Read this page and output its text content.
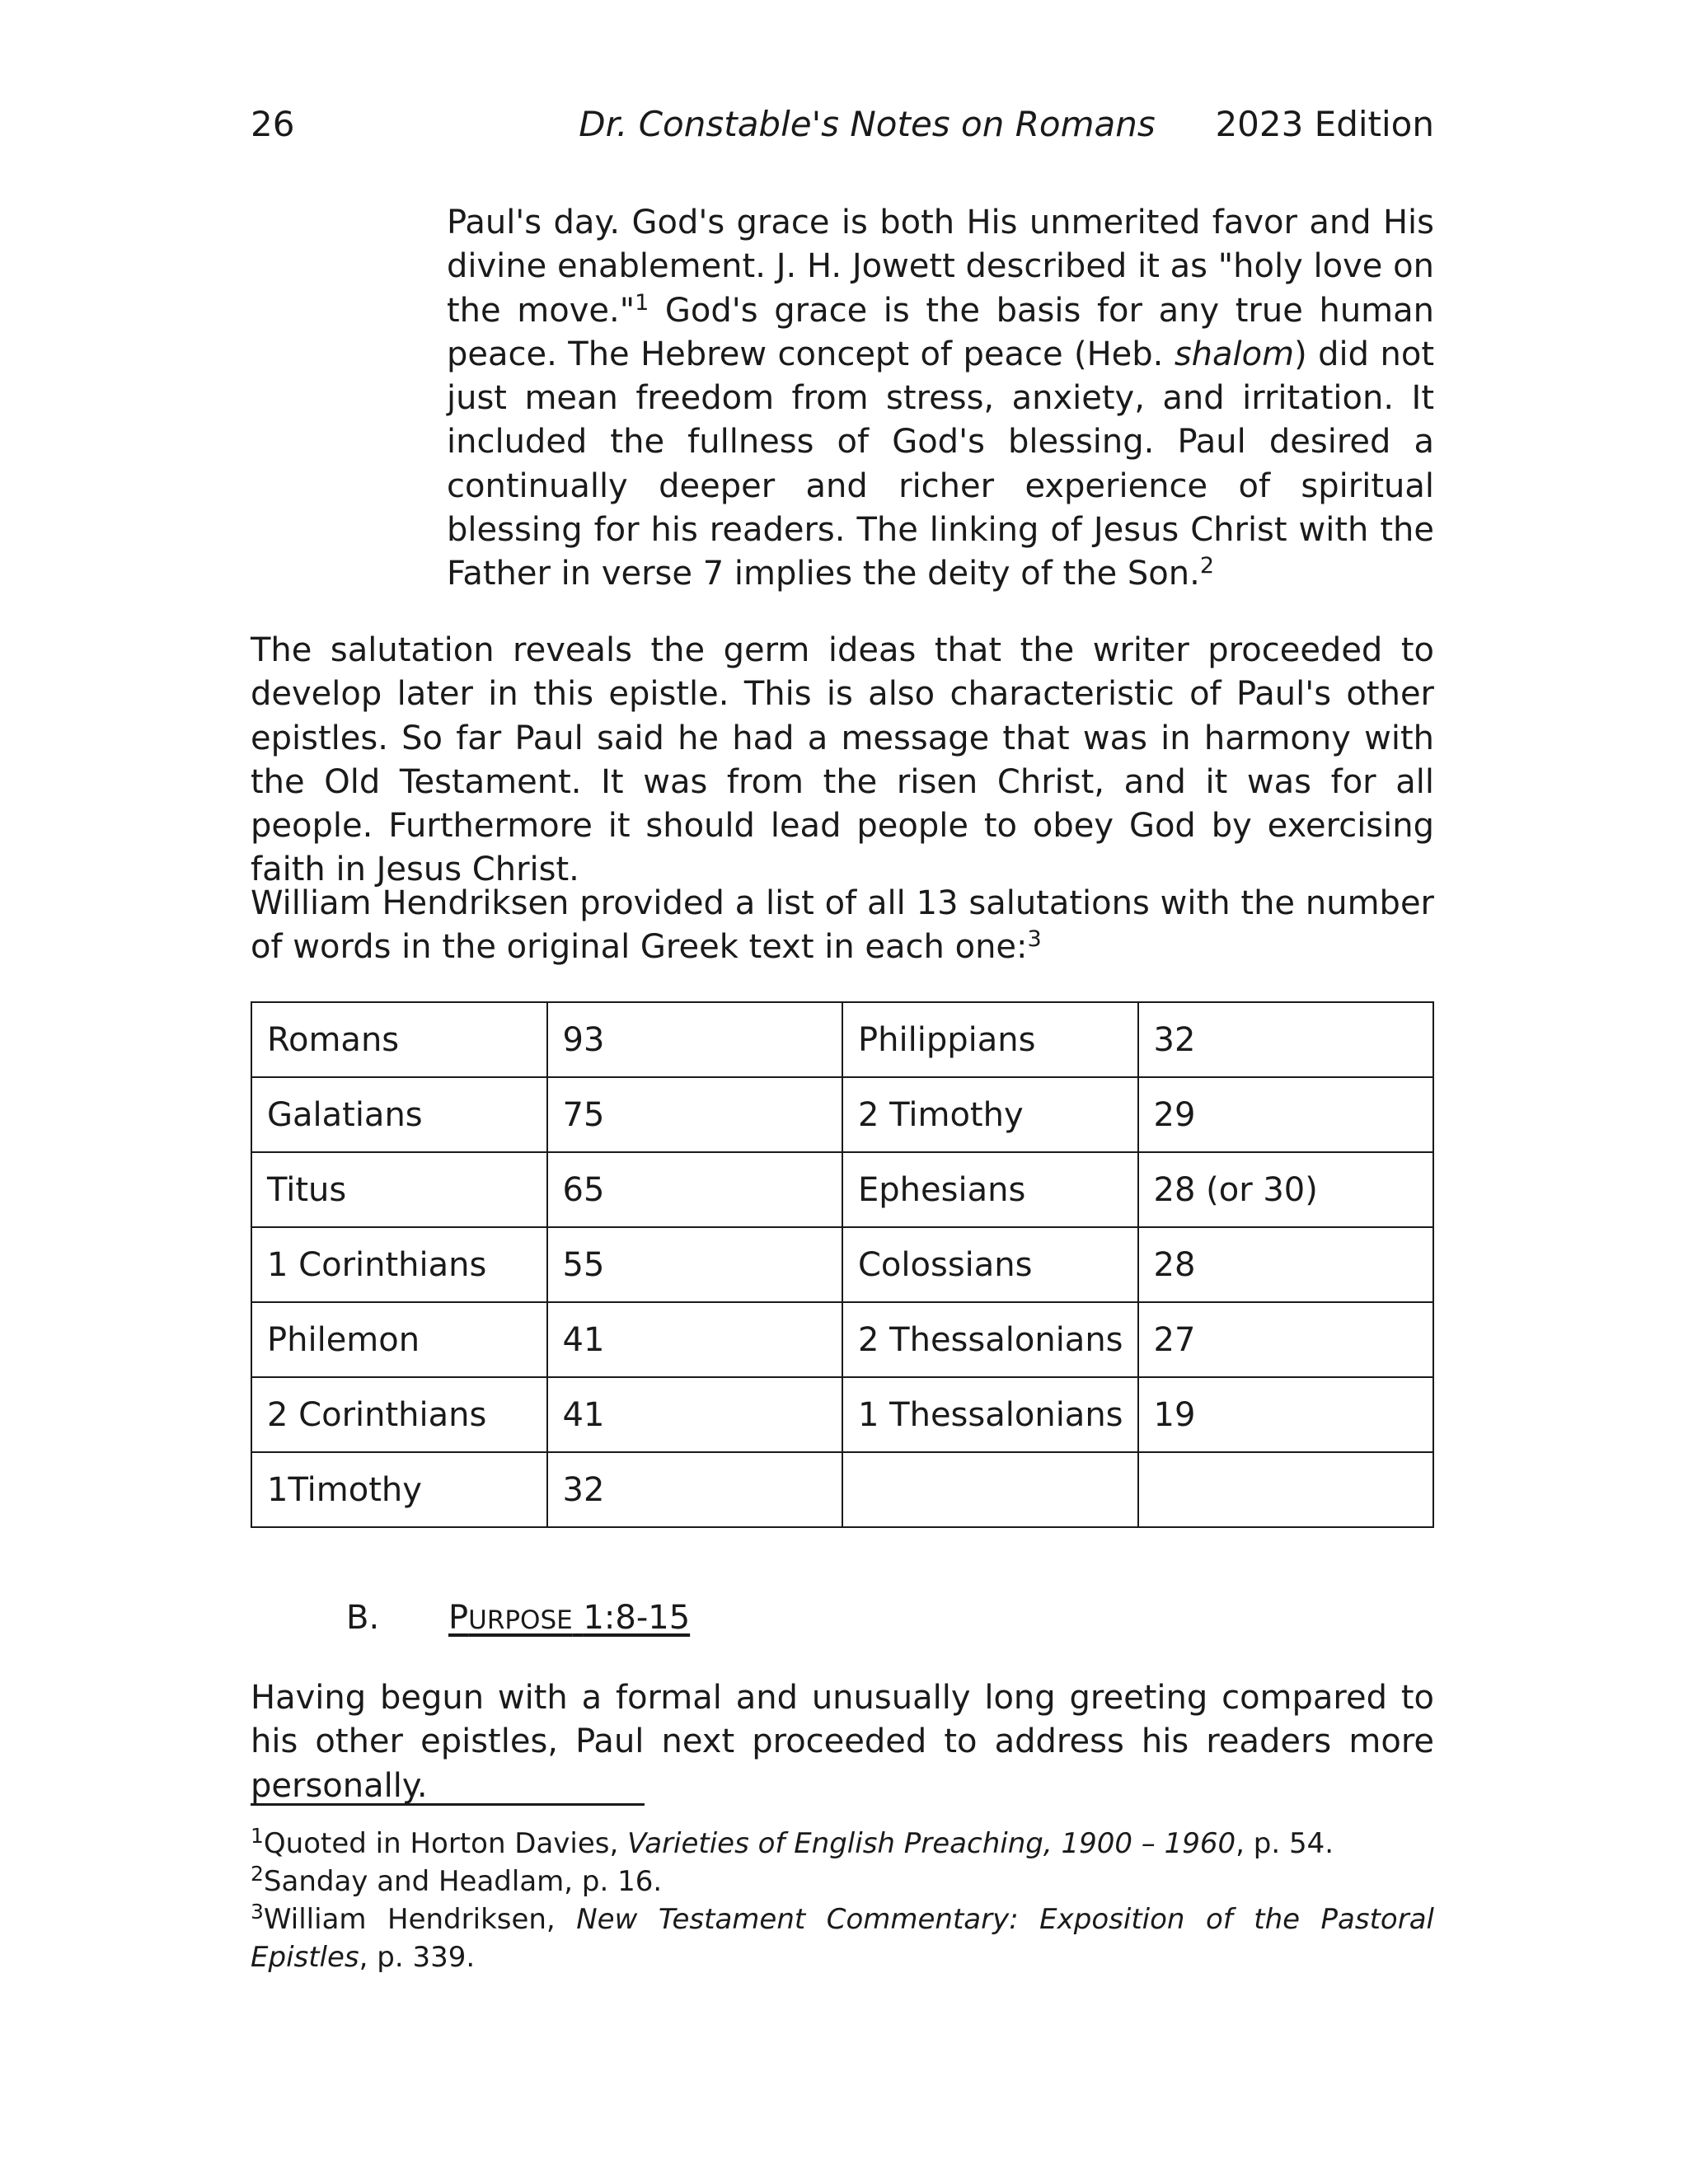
26	Dr. Constable's Notes on Romans	2023 Edition

Paul's day. God's grace is both His unmerited favor and His divine enablement. J. H. Jowett described it as "holy love on the move."$^1$ God's grace is the basis for any true human peace. The Hebrew concept of peace (Heb. shalom) did not just mean freedom from stress, anxiety, and irritation. It included the fullness of God's blessing. Paul desired a continually deeper and richer experience of spiritual blessing for his readers. The linking of Jesus Christ with the Father in verse 7 implies the deity of the Son.$^2$

The salutation reveals the germ ideas that the writer proceeded to develop later in this epistle. This is also characteristic of Paul's other epistles. So far Paul said he had a message that was in harmony with the Old Testament. It was from the risen Christ, and it was for all people. Furthermore it should lead people to obey God by exercising faith in Jesus Christ.

William Hendriksen provided a list of all 13 salutations with the number of words in the original Greek text in each one:$^3$

Romans	93	Philippians	32
Galatians	75	2 Timothy	29
Titus	65	Ephesians	28 (or 30)
1 Corinthians	55	Colossians	28
Philemon	41	2 Thessalonians	27
2 Corinthians	41	1 Thessalonians	19
1Timothy	32		
B. PURPOSE 1:8-15

Having begun with a formal and unusually long greeting compared to his other epistles, Paul next proceeded to address his readers more personally.

$^1$Quoted in Horton Davies, Varieties of English Preaching, 1900 – 1960, p. 54.
$^2$Sanday and Headlam, p. 16.
$^3$William Hendriksen, New Testament Commentary: Exposition of the Pastoral Epistles, p. 339.
